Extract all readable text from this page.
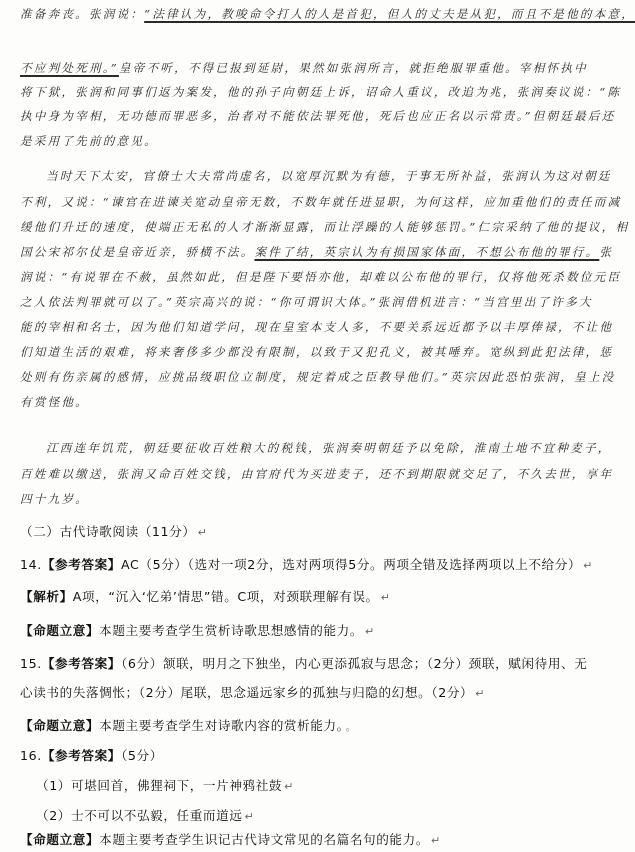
准备奔丧。张润说：“法律认为，教唆命令打人的人是首犯，但人的丈夫是从犯，而且不是他的本意，
不应判处死刑。”皇帝不听，不得已报到延尉，果然如张润所言，就拒绝服罪重他。宰相怀执中
将下狱，张润和同事们返为案发，他的孙子向朝廷上诉，诏命人重议，改追为兆，张润奏议说：“陈
执中身为宰相，无功德而罪恶多，治者对不能依法罪死他，死后也应正名以示常责。”但朝廷最后还
是采用了先前的意见。
当时天下太安，官僚士大夫常尚虚名，以宽厚沉默为有德，于事无所补益，张润认为这对朝廷
不利，又说：“谏官在进谏关宽动皇帝无数，不数年就任进显职，为何这样，应加重他们的责任而减
缓他们升迁的速度，使端正无私的人才渐渐显露，而让浮躁的人能够惩罚。”仁宗采纳了他的提议，相
国公宋祁尔仗是皇帝近亲，骄横不法。案件了结，英宗认为有损国家体面，不想公布他的罪行。张
润说：“有说罪在不赦，虽然如此，但是陛下要悟亦他，却难以公布他的罪行，仅将他死杀数位元臣
之人依法判罪就可以了。”英宗高兴的说：“你可谓识大体。”张润借机进言：“当宫里出了许多大
能的宰相和名士，因为他们知道学问，现在皇室本支人多，不要关系远近都予以丰厚俸禄，不让他
们知道生活的艰难，将来奢侈多少都没有限制，以致于又犯孔义，被其唾弃。宽纵到此犯法律，惩
处则有伤亲属的感情，应挑品级职位立制度，规定着成之臣教导他们。”英宗因此恐怕张润，皇上没
有赏怪他。
江西连年饥荒，朝廷要征收百姓粮大的税钱，张润奏明朝廷予以免除，淮南土地不宜种麦子，
百姓难以缴送，张润又命百姓交钱，由官府代为买进麦子，还不到期限就交足了，不久去世，享年
四十九岁。
（二）古代诗歌阅读（11分） ↵
14.【参考答案】AC（5分）（选对一项2分，选对两项得5分。两项全错及选择两项以上不给分） ↵
【解析】A项，“沉入‘忆弟’情思”错。C项，对颈联理解有误。 ↵
【命题立意】本题主要考查学生赏析诗歌思想感情的能力。 ↵
15.【参考答案】（6分）颔联，明月之下独坐，内心更添孤寂与思念；（2分）颈联，赋闲待用、无
心读书的失落惆怅；（2分）尾联，思念遥远家乡的孤独与归隐的幻想。（2分） ↵
【命题立意】本题主要考查学生对诗歌内容的赏析能力。 。
16.【参考答案】（5分）
（1）可堪回首，佛狸祠下，一片神鸦社鼓 ↵
（2）士不可以不弘毅，任重而道远 ↵
【命题立意】本题主要考查学生识记古代诗文常见的名篇名句的能力。 ↵
